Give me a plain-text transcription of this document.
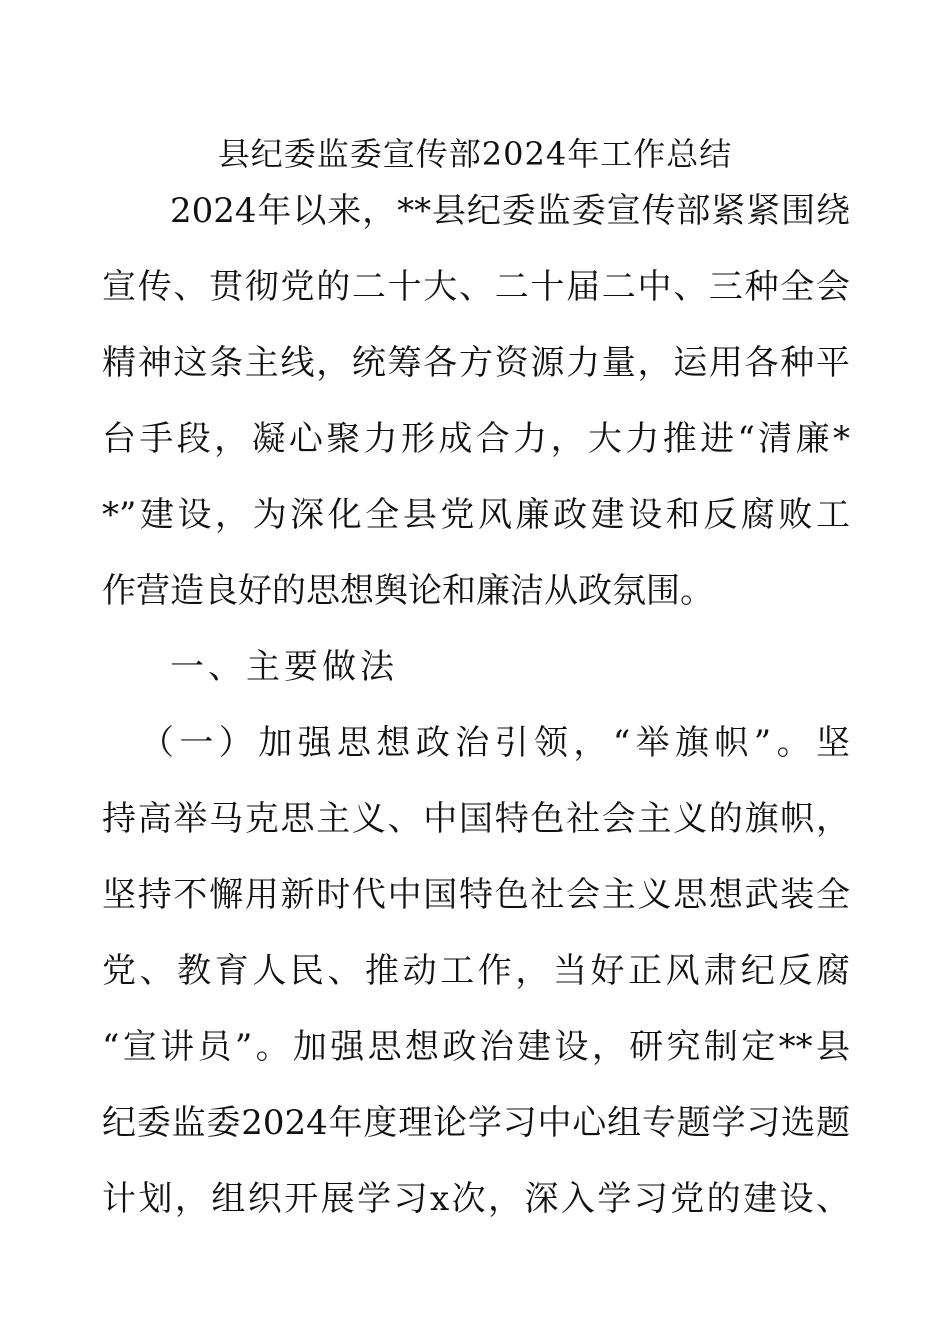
县纪委监委宣传部2024年工作总结
2024年以来，**县纪委监委宣传部紧紧围绕
宣传、贯彻党的二十大、二十届二中、三种全会
精神这条主线，统筹各方资源力量，运用各种平
台手段，凝心聚力形成合力，大力推进“清廉*
*”建设，为深化全县党风廉政建设和反腐败工
作营造良好的思想舆论和廉洁从政氛围。
一、主要做法
（一）加强思想政治引领，“举旗帜”。坚
持高举马克思主义、中国特色社会主义的旗帜，
坚持不懈用新时代中国特色社会主义思想武装全
党、教育人民、推动工作，当好正风肃纪反腐
“宣讲员”。加强思想政治建设，研究制定**县
纪委监委2024年度理论学习中心组专题学习选题
计划，组织开展学习x次，深入学习党的建设、
